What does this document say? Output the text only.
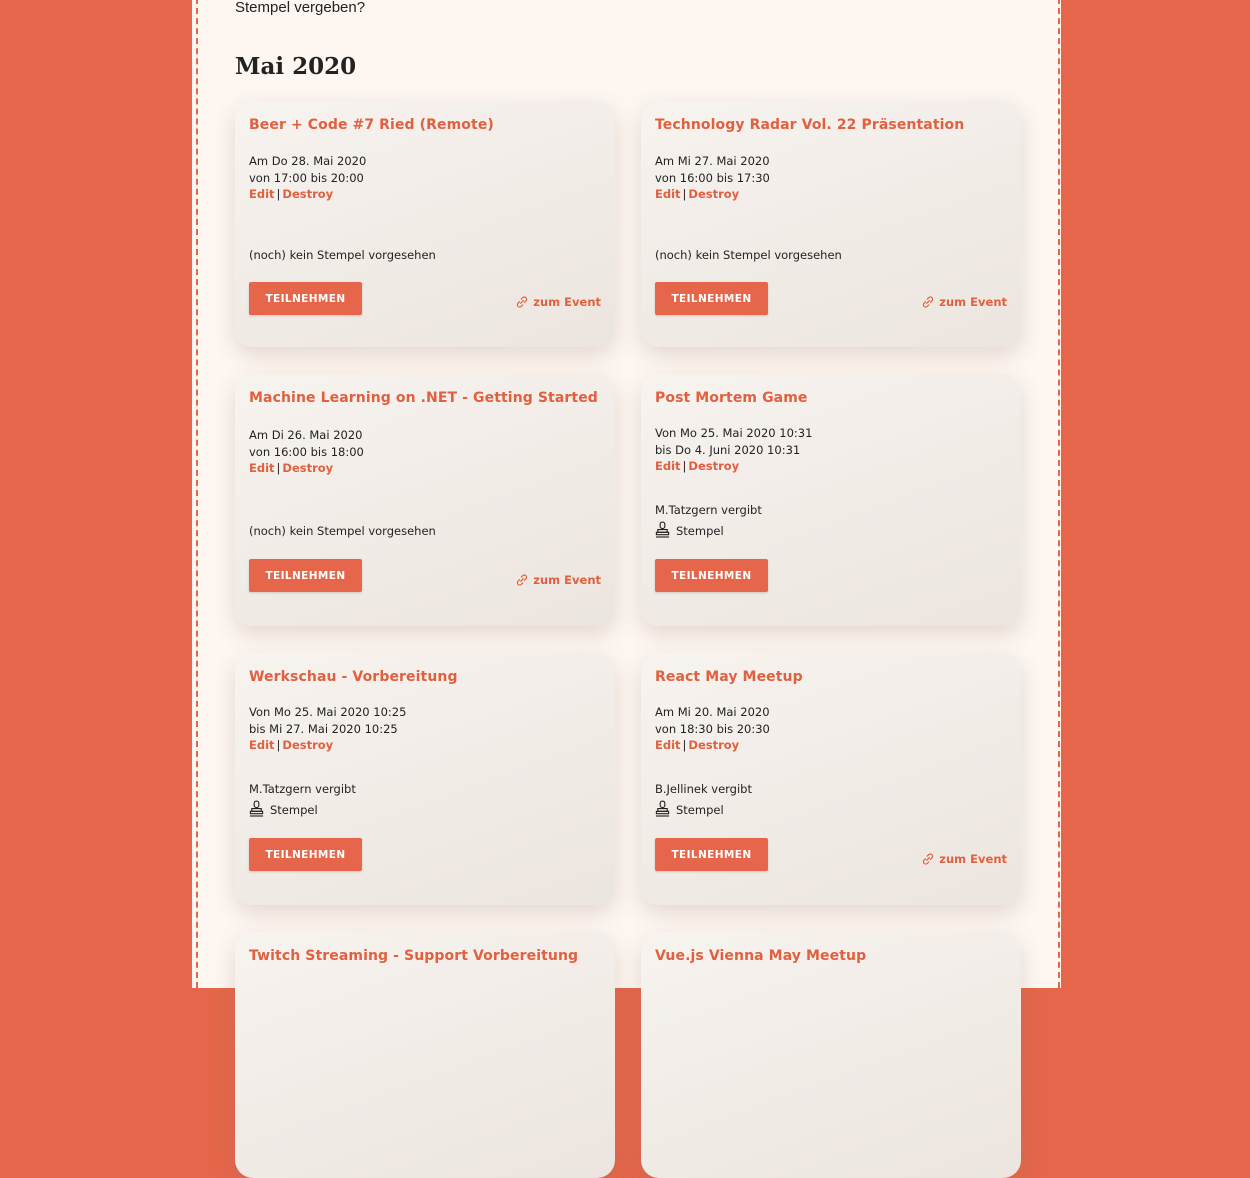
Stempel vergeben?
Mai 2020
Beer + Code #7 Ried (Remote)
Am Do 28. Mai 2020
von 17:00 bis 20:00
Edit | Destroy
(noch) kein Stempel vorgesehen
TEILNEHMEN	zum Event
Technology Radar Vol. 22 Präsentation
Am Mi 27. Mai 2020
von 16:00 bis 17:30
Edit | Destroy
(noch) kein Stempel vorgesehen
TEILNEHMEN	zum Event
Machine Learning on .NET - Getting Started
Am Di 26. Mai 2020
von 16:00 bis 18:00
Edit | Destroy
(noch) kein Stempel vorgesehen
TEILNEHMEN	zum Event
Post Mortem Game
Von Mo 25. Mai 2020 10:31
bis Do 4. Juni 2020 10:31
Edit | Destroy
M.Tatzgern vergibt
Stempel
TEILNEHMEN
Werkschau - Vorbereitung
Von Mo 25. Mai 2020 10:25
bis Mi 27. Mai 2020 10:25
Edit | Destroy
M.Tatzgern vergibt
Stempel
TEILNEHMEN
React May Meetup
Am Mi 20. Mai 2020
von 18:30 bis 20:30
Edit | Destroy
B.Jellinek vergibt
Stempel
TEILNEHMEN	zum Event
Twitch Streaming - Support Vorbereitung	Vue.js Vienna May Meetup
